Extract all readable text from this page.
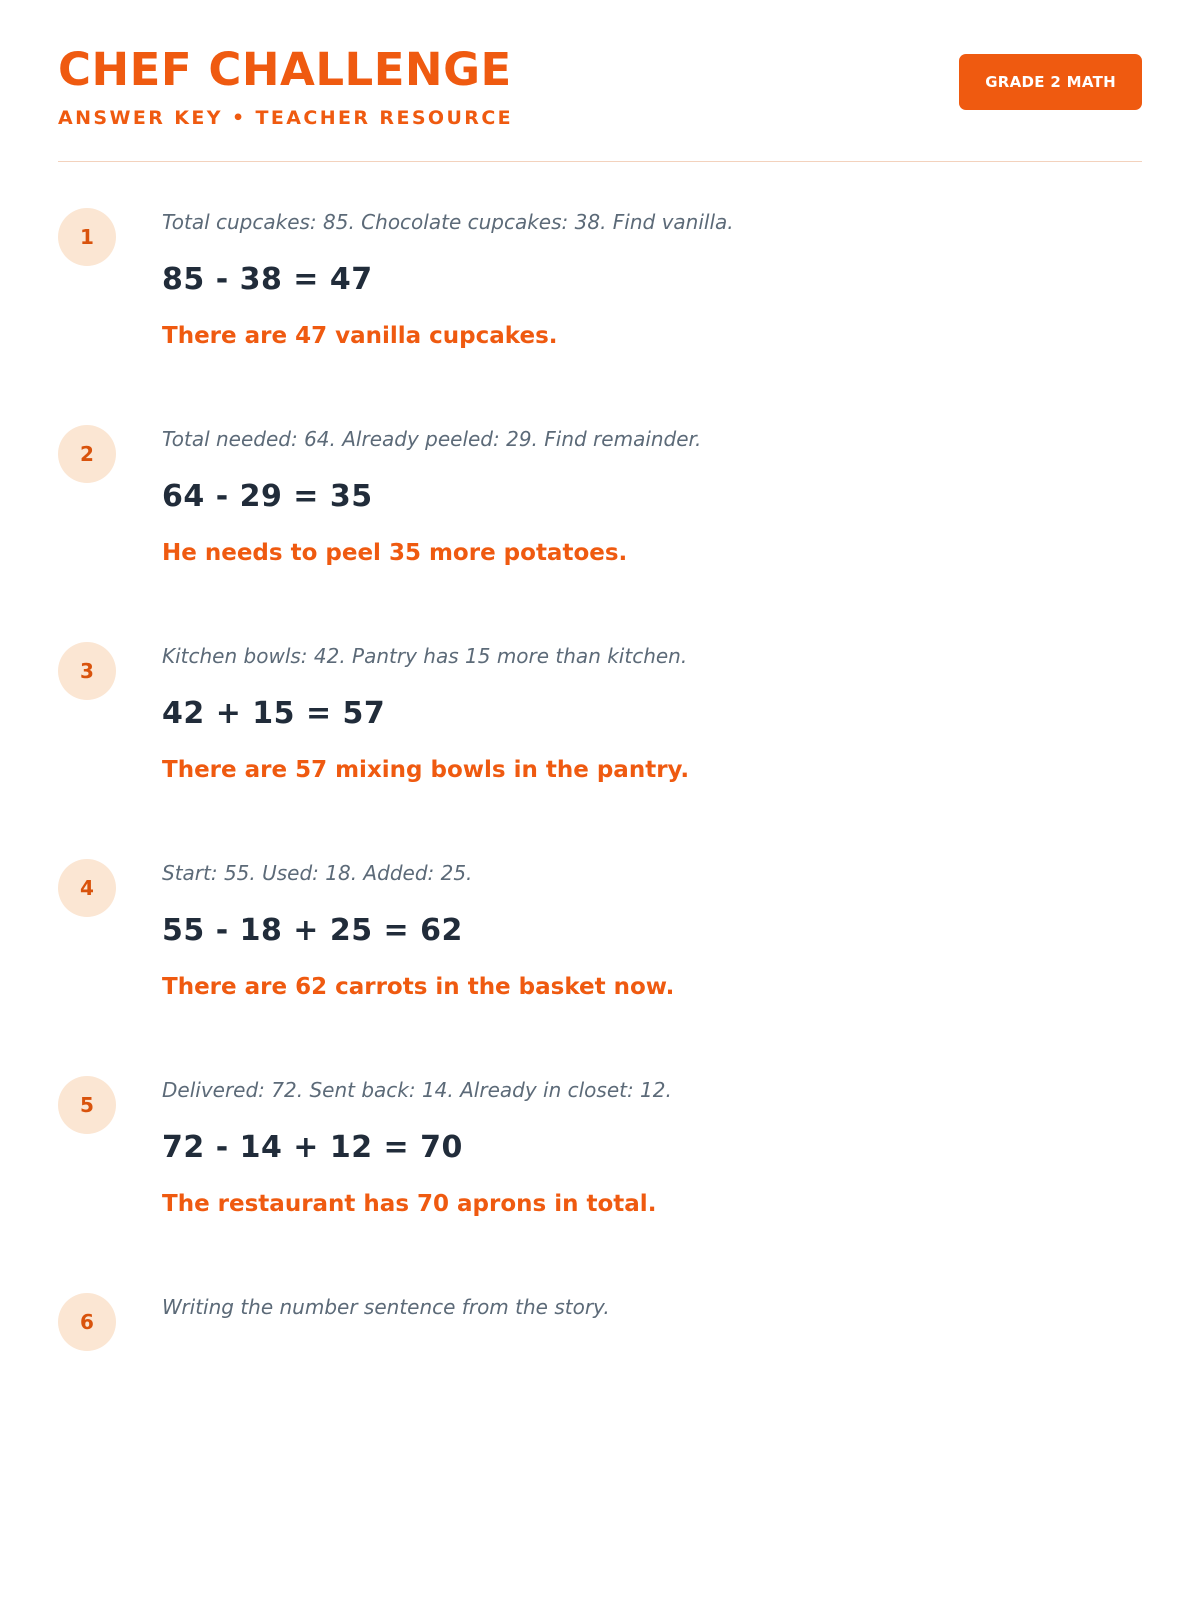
CHEF CHALLENGE

ANSWER KEY • TEACHER RESOURCE

GRADE 2 MATH
1

Total cupcakes: 85. Chocolate cupcakes: 38. Find vanilla.

85 - 38 = 47

There are 47 vanilla cupcakes.

2

Total needed: 64. Already peeled: 29. Find remainder.

64 - 29 = 35

He needs to peel 35 more potatoes.

3

Kitchen bowls: 42. Pantry has 15 more than kitchen.

42 + 15 = 57

There are 57 mixing bowls in the pantry.

4

Start: 55. Used: 18. Added: 25.

55 - 18 + 25 = 62

There are 62 carrots in the basket now.

5

Delivered: 72. Sent back: 14. Already in closet: 12.

72 - 14 + 12 = 70

The restaurant has 70 aprons in total.

6

Writing the number sentence from the story.
